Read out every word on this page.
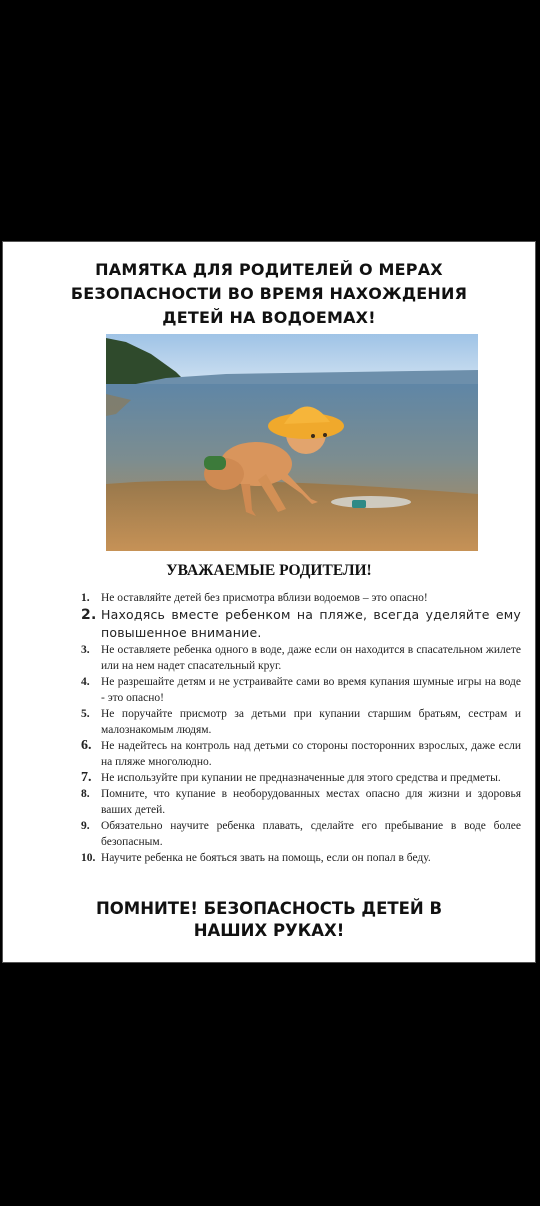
ПАМЯТКА ДЛЯ РОДИТЕЛЕЙ О МЕРАХ
БЕЗОПАСНОСТИ ВО ВРЕМЯ НАХОЖДЕНИЯ
ДЕТЕЙ НА ВОДОЕМАХ!
УВАЖАЕМЫЕ РОДИТЕЛИ!
1. Не оставляйте детей без присмотра вблизи водоемов – это опасно!
2. Находясь вместе ребенком на пляже, всегда уделяйте ему повышенное внимание.
3. Не оставляете ребенка одного в воде, даже если он находится в спасательном жилете или на нем надет спасательный круг.
4. Не разрешайте детям и не устраивайте сами во время купания шумные игры на воде - это опасно!
5. Не поручайте присмотр за детьми при купании старшим братьям, сестрам и малознакомым людям.
6. Не надейтесь на контроль над детьми со стороны посторонних взрослых, даже если на пляже многолюдно.
7. Не используйте при купании не предназначенные для этого средства и предметы.
8. Помните, что купание в необорудованных местах опасно для жизни и здоровья ваших детей.
9. Обязательно научите ребенка плавать, сделайте его пребывание в воде более безопасным.
10. Научите ребенка не бояться звать на помощь, если он попал в беду.
ПОМНИТЕ! БЕЗОПАСНОСТЬ ДЕТЕЙ В
НАШИХ РУКАХ!
